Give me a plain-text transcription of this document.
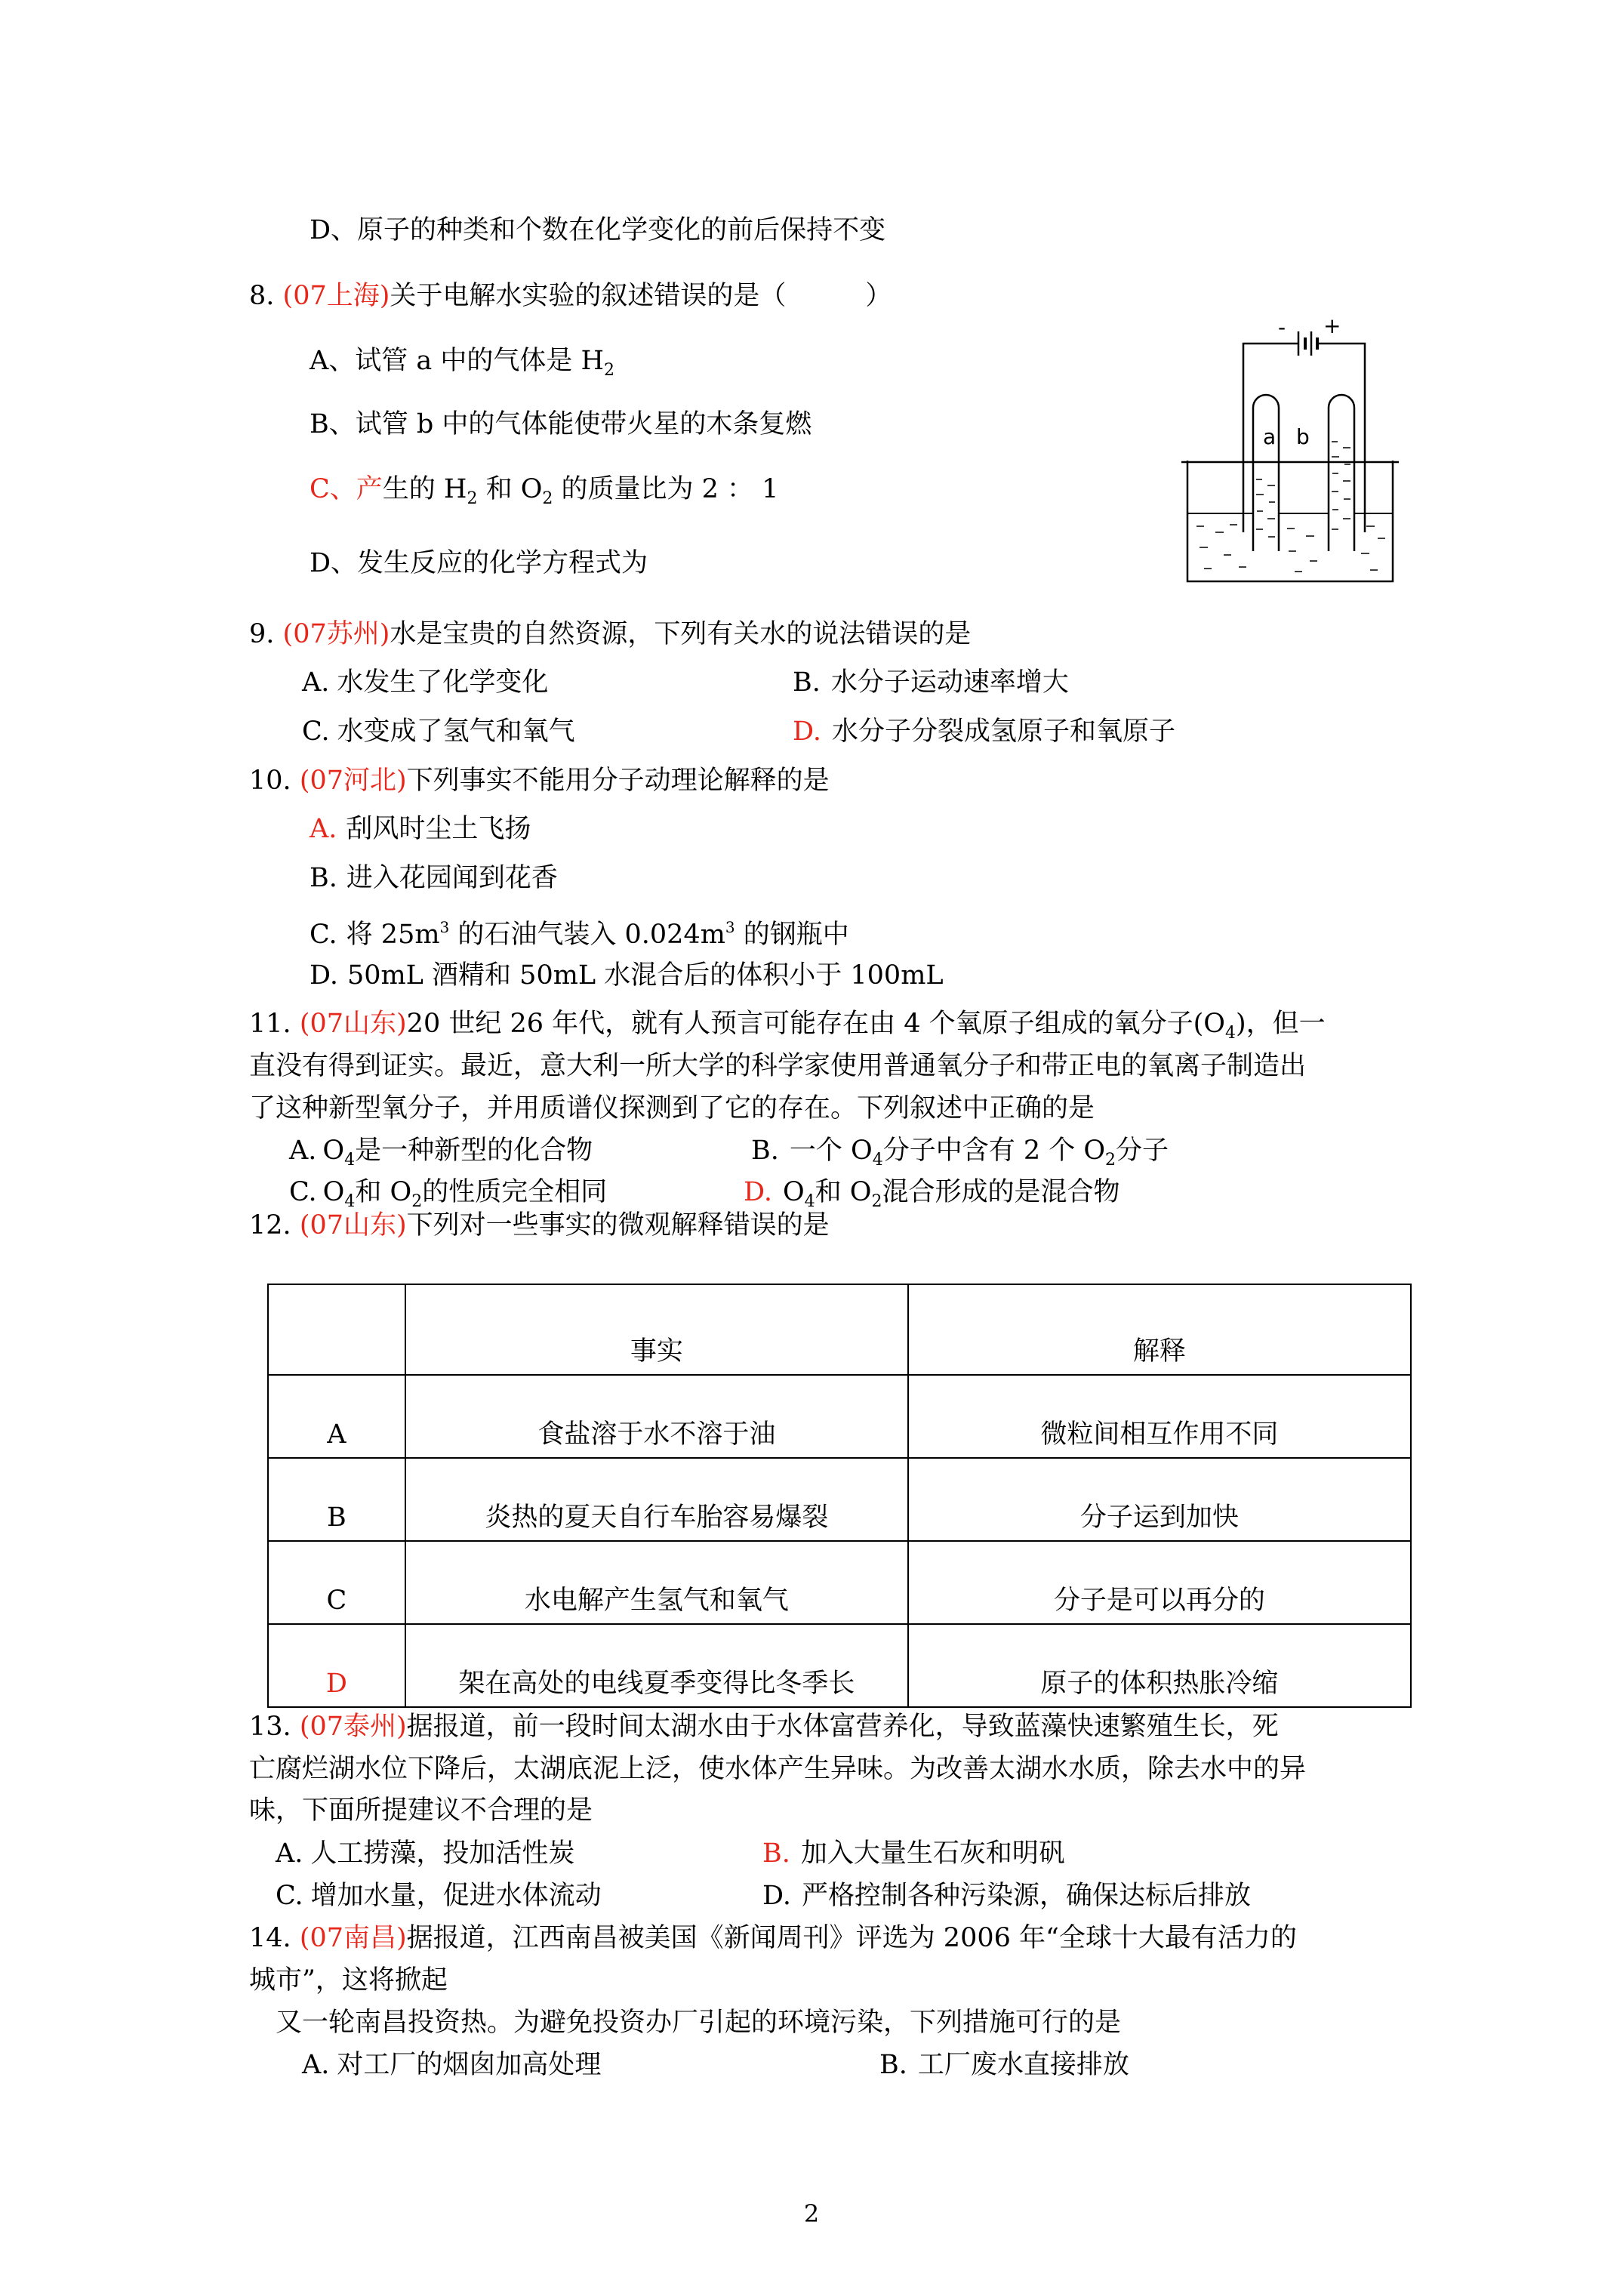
D、原子的种类和个数在化学变化的前后保持不变
8. (07上海)关于电解水实验的叙述错误的是（　　　）
A、试管 a 中的气体是 $H_2$
B、试管 b 中的气体能使带火星的木条复燃
C、产生的 $H_2$ 和 $O_2$ 的质量比为 2 ： 1
D、发生反应的化学方程式为
- +
a b
9. (07苏州)水是宝贵的自然资源，下列有关水的说法错误的是
A. 水发生了化学变化	B. 水分子运动速率增大
C. 水变成了氢气和氧气	D. 水分子分裂成氢原子和氧原子
10. (07河北)下列事实不能用分子动理论解释的是
A. 刮风时尘土飞扬
B. 进入花园闻到花香
C. 将 $25m^3$ 的石油气装入 $0.024m^3$ 的钢瓶中
D. 50mL 酒精和 50mL 水混合后的体积小于 100mL
11. (07山东)20 世纪 26 年代，就有人预言可能存在由 4 个氧原子组成的氧分子$(O_4)$，但一
直没有得到证实。最近，意大利一所大学的科学家使用普通氧分子和带正电的氧离子制造出
了这种新型氧分子，并用质谱仪探测到了它的存在。下列叙述中正确的是
A. $O_4$是一种新型的化合物	B. 一个 $O_4$分子中含有 2 个 $O_2$分子
C. $O_4$和 $O_2$的性质完全相同	D. $O_4$和 $O_2$混合形成的是混合物
12. (07山东)下列对一些事实的微观解释错误的是
	事实	解释
A	食盐溶于水不溶于油	微粒间相互作用不同
B	炎热的夏天自行车胎容易爆裂	分子运到加快
C	水电解产生氢气和氧气	分子是可以再分的
D	架在高处的电线夏季变得比冬季长	原子的体积热胀冷缩
13. (07泰州)据报道，前一段时间太湖水由于水体富营养化，导致蓝藻快速繁殖生长，死
亡腐烂湖水位下降后，太湖底泥上泛，使水体产生异味。为改善太湖水水质，除去水中的异
味，下面所提建议不合理的是
A. 人工捞藻，投加活性炭	B. 加入大量生石灰和明矾
C. 增加水量，促进水体流动	D. 严格控制各种污染源，确保达标后排放
14. (07南昌)据报道，江西南昌被美国《新闻周刊》评选为 2006 年“全球十大最有活力的
城市”，这将掀起
又一轮南昌投资热。为避免投资办厂引起的环境污染，下列措施可行的是
A. 对工厂的烟囱加高处理	B. 工厂废水直接排放
2
